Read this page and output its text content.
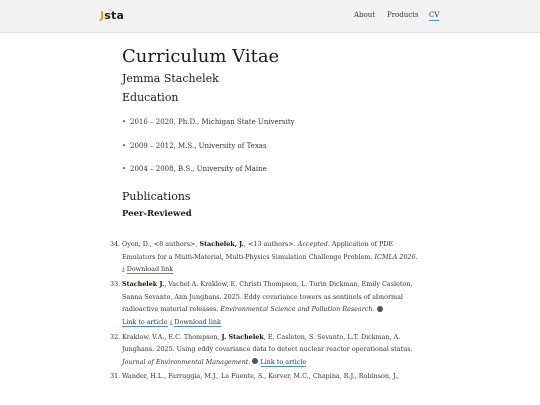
Jsta	About Products CV
Curriculum Vitae
Jemma Stachelek
Education
• 2016 – 2020, Ph.D., Michigan State University
• 2009 – 2012, M.S., University of Texas
• 2004 – 2008, B.S., University of Maine
Publications
Peer-Reviewed
34. Oyen, D., <8 authors>, Stachelek, J., <13 authors>. Accepted. Application of PDE Emulators for a Multi-Material, Multi-Physics Simulation Challenge Problem. ICMLA 2026. ⤓ Download link
33. Stachelek J., Vachel A. Kraklow, E. Christi Thompson, L. Turin Dickman, Emily Casleton, Sanna Sevanto, Ann Junghans. 2025. Eddy covariance towers as sentinels of abnormal radioactive material releases. Environmental Science and Pollution Research.  Link to article ⤓ Download link
32. Kraklow, V.A., E.C. Thompson, J. Stachelek, E. Casleton, S. Sevanto, L.T. Dickman, A. Junghans. 2025. Using eddy covariance data to detect nuclear reactor operational status. Journal of Environmental Management. Link to article
31. Wander, H.L., Farruggia, M.J., La Fuente, S., Korver, M.C., Chapina, R.J., Robinson, J.,
